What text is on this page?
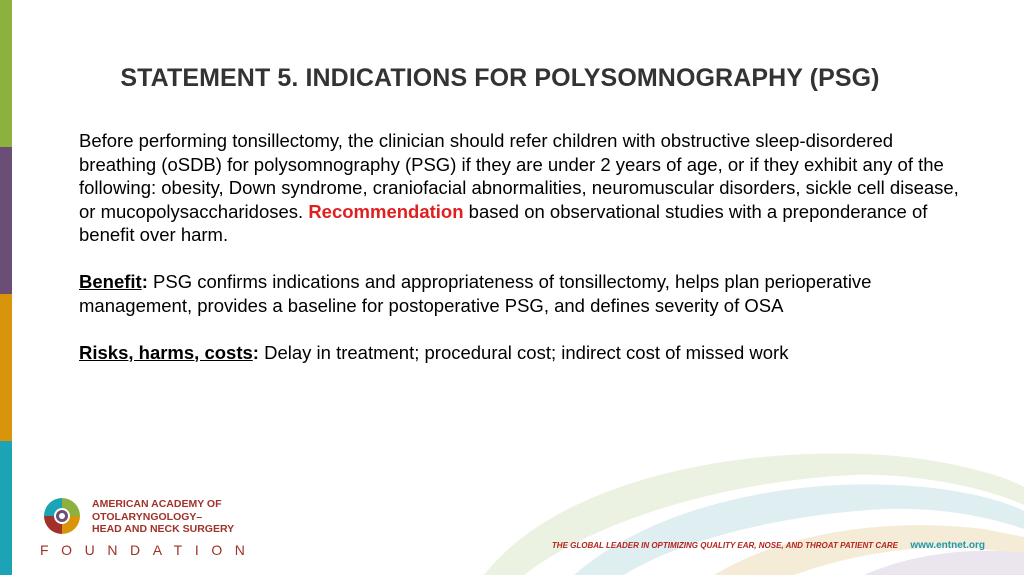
STATEMENT 5. INDICATIONS FOR POLYSOMNOGRAPHY (PSG)

Before performing tonsillectomy, the clinician should refer children with obstructive sleep-disordered breathing (oSDB) for polysomnography (PSG) if they are under 2 years of age, or if they exhibit any of the following: obesity, Down syndrome, craniofacial abnormalities, neuromuscular disorders, sickle cell disease, or mucopolysaccharidoses. Recommendation based on observational studies with a preponderance of benefit over harm.

Benefit: PSG confirms indications and appropriateness of tonsillectomy, helps plan perioperative management, provides a baseline for postoperative PSG, and defines severity of OSA

Risks, harms, costs: Delay in treatment; procedural cost; indirect cost of missed work

AMERICAN ACADEMY OF
OTOLARYNGOLOGY–
HEAD AND NECK SURGERY
FOUNDATION	THE GLOBAL LEADER IN OPTIMIZING QUALITY EAR, NOSE, AND THROAT PATIENT CARE www.entnet.org
